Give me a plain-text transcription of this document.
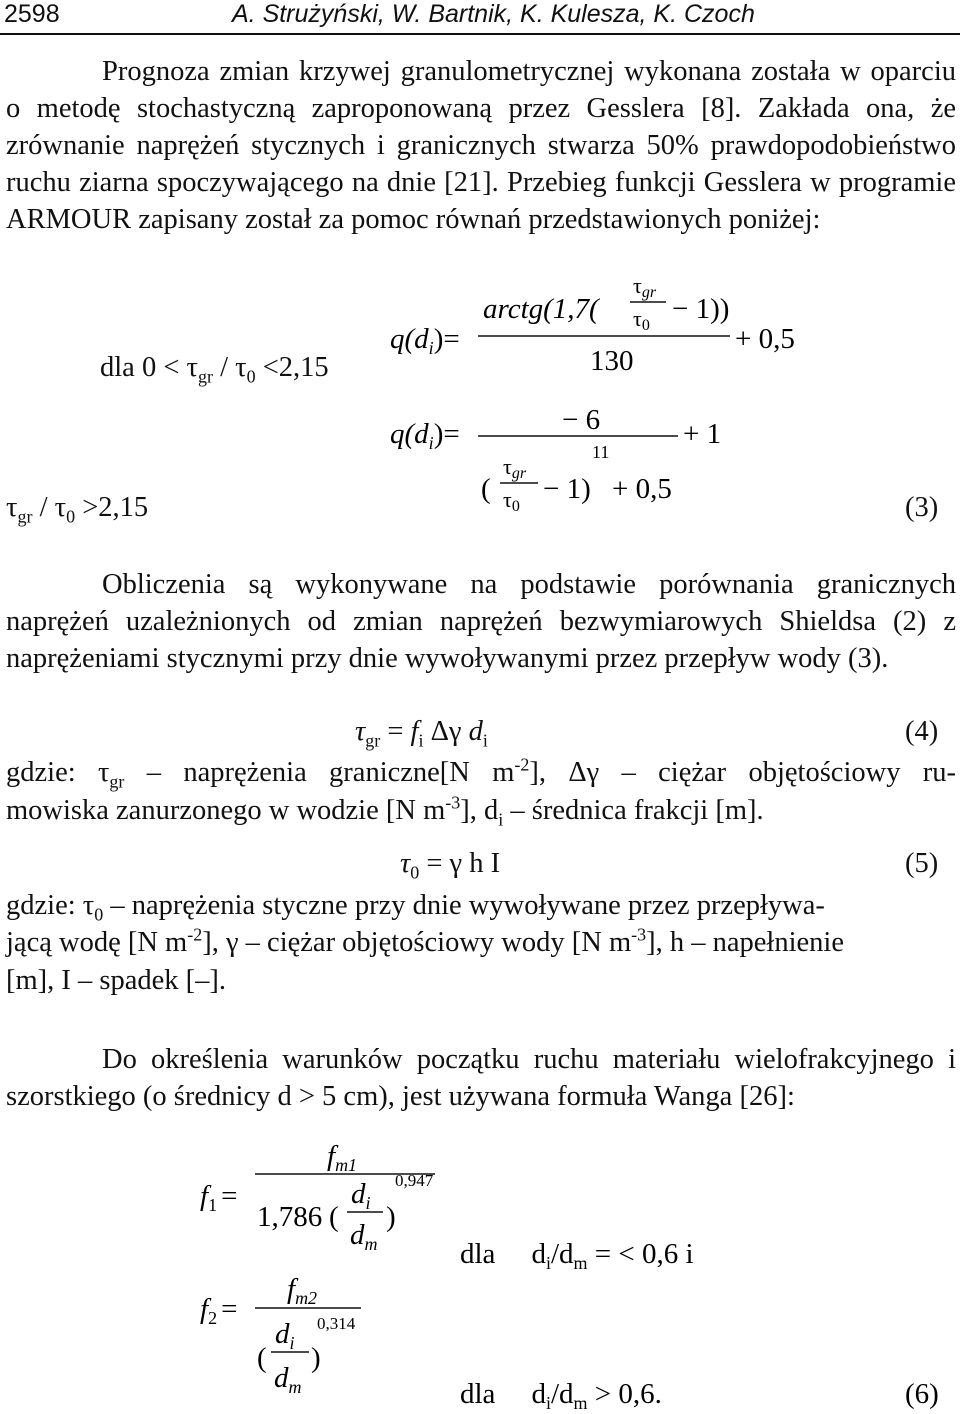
2598	A. Strużyński, W. Bartnik, K. Kulesza, K. Czoch
Prognoza zmian krzywej granulometrycznej wykonana została w oparciu o metodę stochastyczną zaproponowaną przez Gesslera [8]. Zakłada ona, że zrównanie naprężeń stycznych i granicznych stwarza 50% prawdopodobieństwo ruchu ziarna spoczywającego na dnie [21]. Przebieg funkcji Gesslera w programie ARMOUR zapisany został za pomoc równań przedstawionych poniżej:
dla $0 < \tau_{gr} / \tau_0 <2,15$
$q(d_i)=$
arctg(1,7(
τgr
τ0
− 1))
130
+ 0,5
$q(d_i)=$	− 6
11
(
τgr
τ0
− 1) + 0,5
+ 1
$\tau_{gr} / \tau_0 >2,15$	(3)
Obliczenia są wykonywane na podstawie porównania granicznych naprężeń uzależnionych od zmian naprężeń bezwymiarowych Shieldsa (2) z naprężeniami stycznymi przy dnie wywoływanymi przez przepływ wody (3).
$\tau_{gr} = f_i$ Δγ $d_i$	(4)
gdzie: $\tau_{gr}$ – naprężenia graniczne[N $m^{-2}$], Δγ – ciężar objętościowy ru-
mowiska zanurzonego w wodzie [N $m^{-3}$], $d_i$ – średnica frakcji [m].
$\tau_0 = \gamma$ h I	(5)
gdzie: $\tau_0$ – naprężenia styczne przy dnie wywoływane przez przepływa-
jącą wodę [N $m^{-2}$], γ – ciężar objętościowy wody [N $m^{-3}$], h – napełnienie
[m], I – spadek [–].
Do określenia warunków początku ruchu materiału wielofrakcyjnego i szorstkiego (o średnicy d > 5 cm), jest używana formuła Wanga [26]:
$f_1$ =
$f_{m1}$
0,947
1,786 (
$d_i$
$d_m$
)
dla $d_i/d_m$ = < 0,6 i
$f_2$ =
$f_{m2}$
0,314
(
$d_i$
$d_m$
)
dla $d_i/d_m > 0,6$.	(6)
